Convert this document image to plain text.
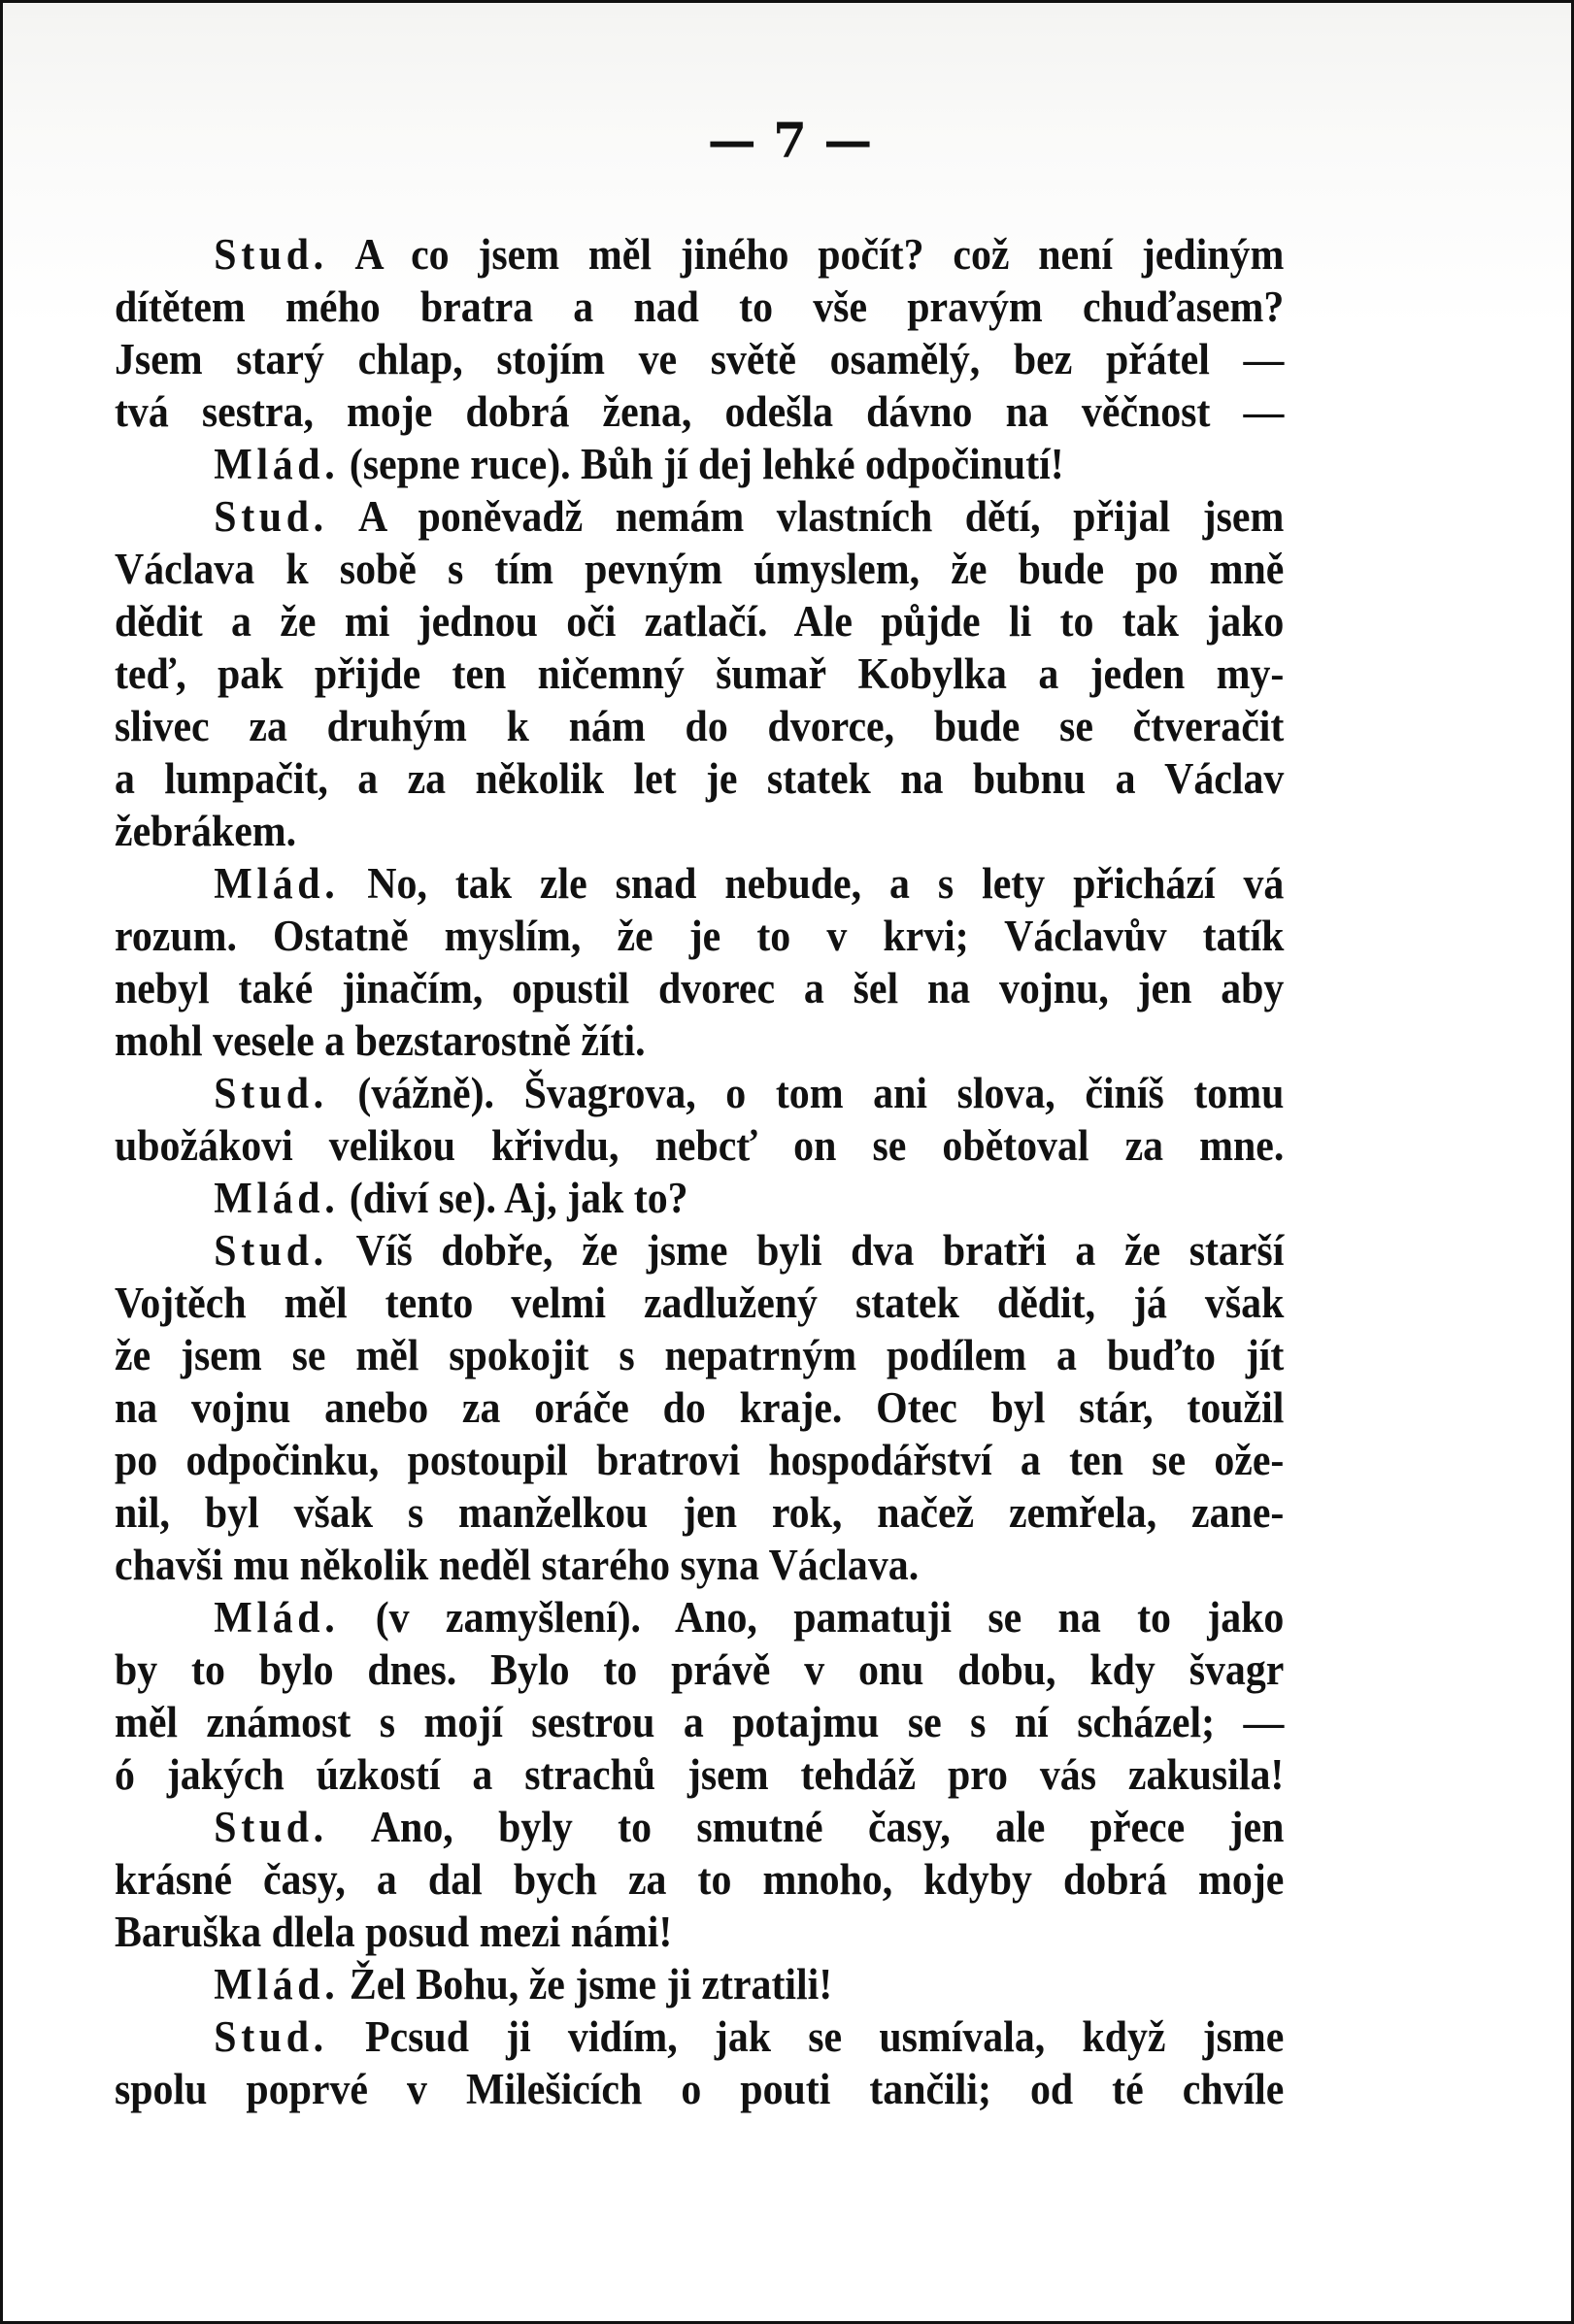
— 7 —
Stud. A co jsem měl jiného počít? což není jediným
dítětem mého bratra a nad to vše pravým chuďasem?
Jsem starý chlap, stojím ve světě osamělý, bez přátel —
tvá sestra, moje dobrá žena, odešla dávno na věčnost —
Mlád. (sepne ruce). Bůh jí dej lehké odpočinutí!
Stud. A poněvadž nemám vlastních dětí, přijal jsem
Václava k sobě s tím pevným úmyslem, že bude po mně
dědit a že mi jednou oči zatlačí. Ale půjde li to tak jako
teď, pak přijde ten ničemný šumař Kobylka a jeden my-
slivec za druhým k nám do dvorce, bude se čtveračit
a lumpačit, a za několik let je statek na bubnu a Václav
žebrákem.
Mlád. No, tak zle snad nebude, a s lety přichází vá
rozum. Ostatně myslím, že je to v krvi; Václavův tatík
nebyl také jinačím, opustil dvorec a šel na vojnu, jen aby
mohl vesele a bezstarostně žíti.
Stud. (vážně). Švagrova, o tom ani slova, činíš tomu
ubožákovi velikou křivdu, nebcť on se obětoval za mne.
Mlád. (diví se). Aj, jak to?
Stud. Víš dobře, že jsme byli dva bratři a že starší
Vojtěch měl tento velmi zadlužený statek dědit, já však
že jsem se měl spokojit s nepatrným podílem a buďto jít
na vojnu anebo za oráče do kraje. Otec byl stár, toužil
po odpočinku, postoupil bratrovi hospodářství a ten se ože-
nil, byl však s manželkou jen rok, načež zemřela, zane-
chavši mu několik neděl starého syna Václava.
Mlád. (v zamyšlení). Ano, pamatuji se na to jako
by to bylo dnes. Bylo to právě v onu dobu, kdy švagr
měl známost s mojí sestrou a potajmu se s ní scházel; —
ó jakých úzkostí a strachů jsem tehdáž pro vás zakusila!
Stud. Ano, byly to smutné časy, ale přece jen
krásné časy, a dal bych za to mnoho, kdyby dobrá moje
Baruška dlela posud mezi námi!
Mlád. Žel Bohu, že jsme ji ztratili!
Stud. Pcsud ji vidím, jak se usmívala, když jsme
spolu poprvé v Milešicích o pouti tančili; od té chvíle
